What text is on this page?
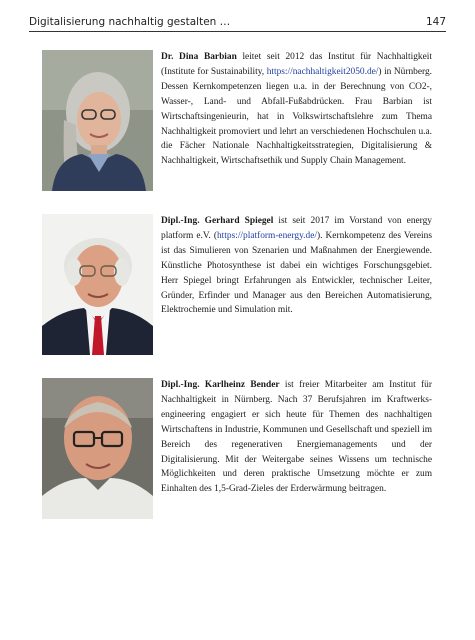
Digitalisierung nachhaltig gestalten …	147
Dr. Dina Barbian leitet seit 2012 das Institut für Nachhaltigkeit (Institute for Sustainability, https://nachhaltigkeit2050.de/) in Nürnberg. Dessen Kernkompetenzen liegen u.a. in der Berechnung von CO2-, Wasser-, Land- und Abfall-Fußabdrücken. Frau Barbian ist Wirtschaftsingenieurin, hat in Volkswirtschaftslehre zum Thema Nachhaltigkeit promoviert und lehrt an verschiedenen Hochschulen u.a. die Fächer Nationale Nachhaltigkeitsstrategien, Digitalisierung & Nachhaltigkeit, Wirtschaftsethik und Supply Chain Management.
Dipl.-Ing. Gerhard Spiegel ist seit 2017 im Vorstand von energy platform e.V. (https://platform-energy.de/). Kernkompetenz des Vereins ist das Simulieren von Szenarien und Maßnahmen der Energiewende. Künstliche Photosynthese ist dabei ein wichtiges Forschungsgebiet. Herr Spiegel bringt Erfahrungen als Entwickler, technischer Leiter, Gründer, Erfinder und Manager aus den Bereichen Automatisierung, Elektrochemie und Simulation mit.
Dipl.-Ing. Karlheinz Bender ist freier Mitarbeiter am Institut für Nachhaltigkeit in Nürnberg. Nach 37 Berufsjahren im Kraftwerks-engineering engagiert er sich heute für Themen des nachhaltigen Wirtschaftens in Industrie, Kommunen und Gesellschaft und speziell im Bereich des regenerativen Energiemanagements und der Digitalisierung. Mit der Weitergabe seines Wissens um technische Möglichkeiten und deren praktische Umsetzung möchte er zum Einhalten des 1,5-Grad-Zieles der Erderwärmung beitragen.
